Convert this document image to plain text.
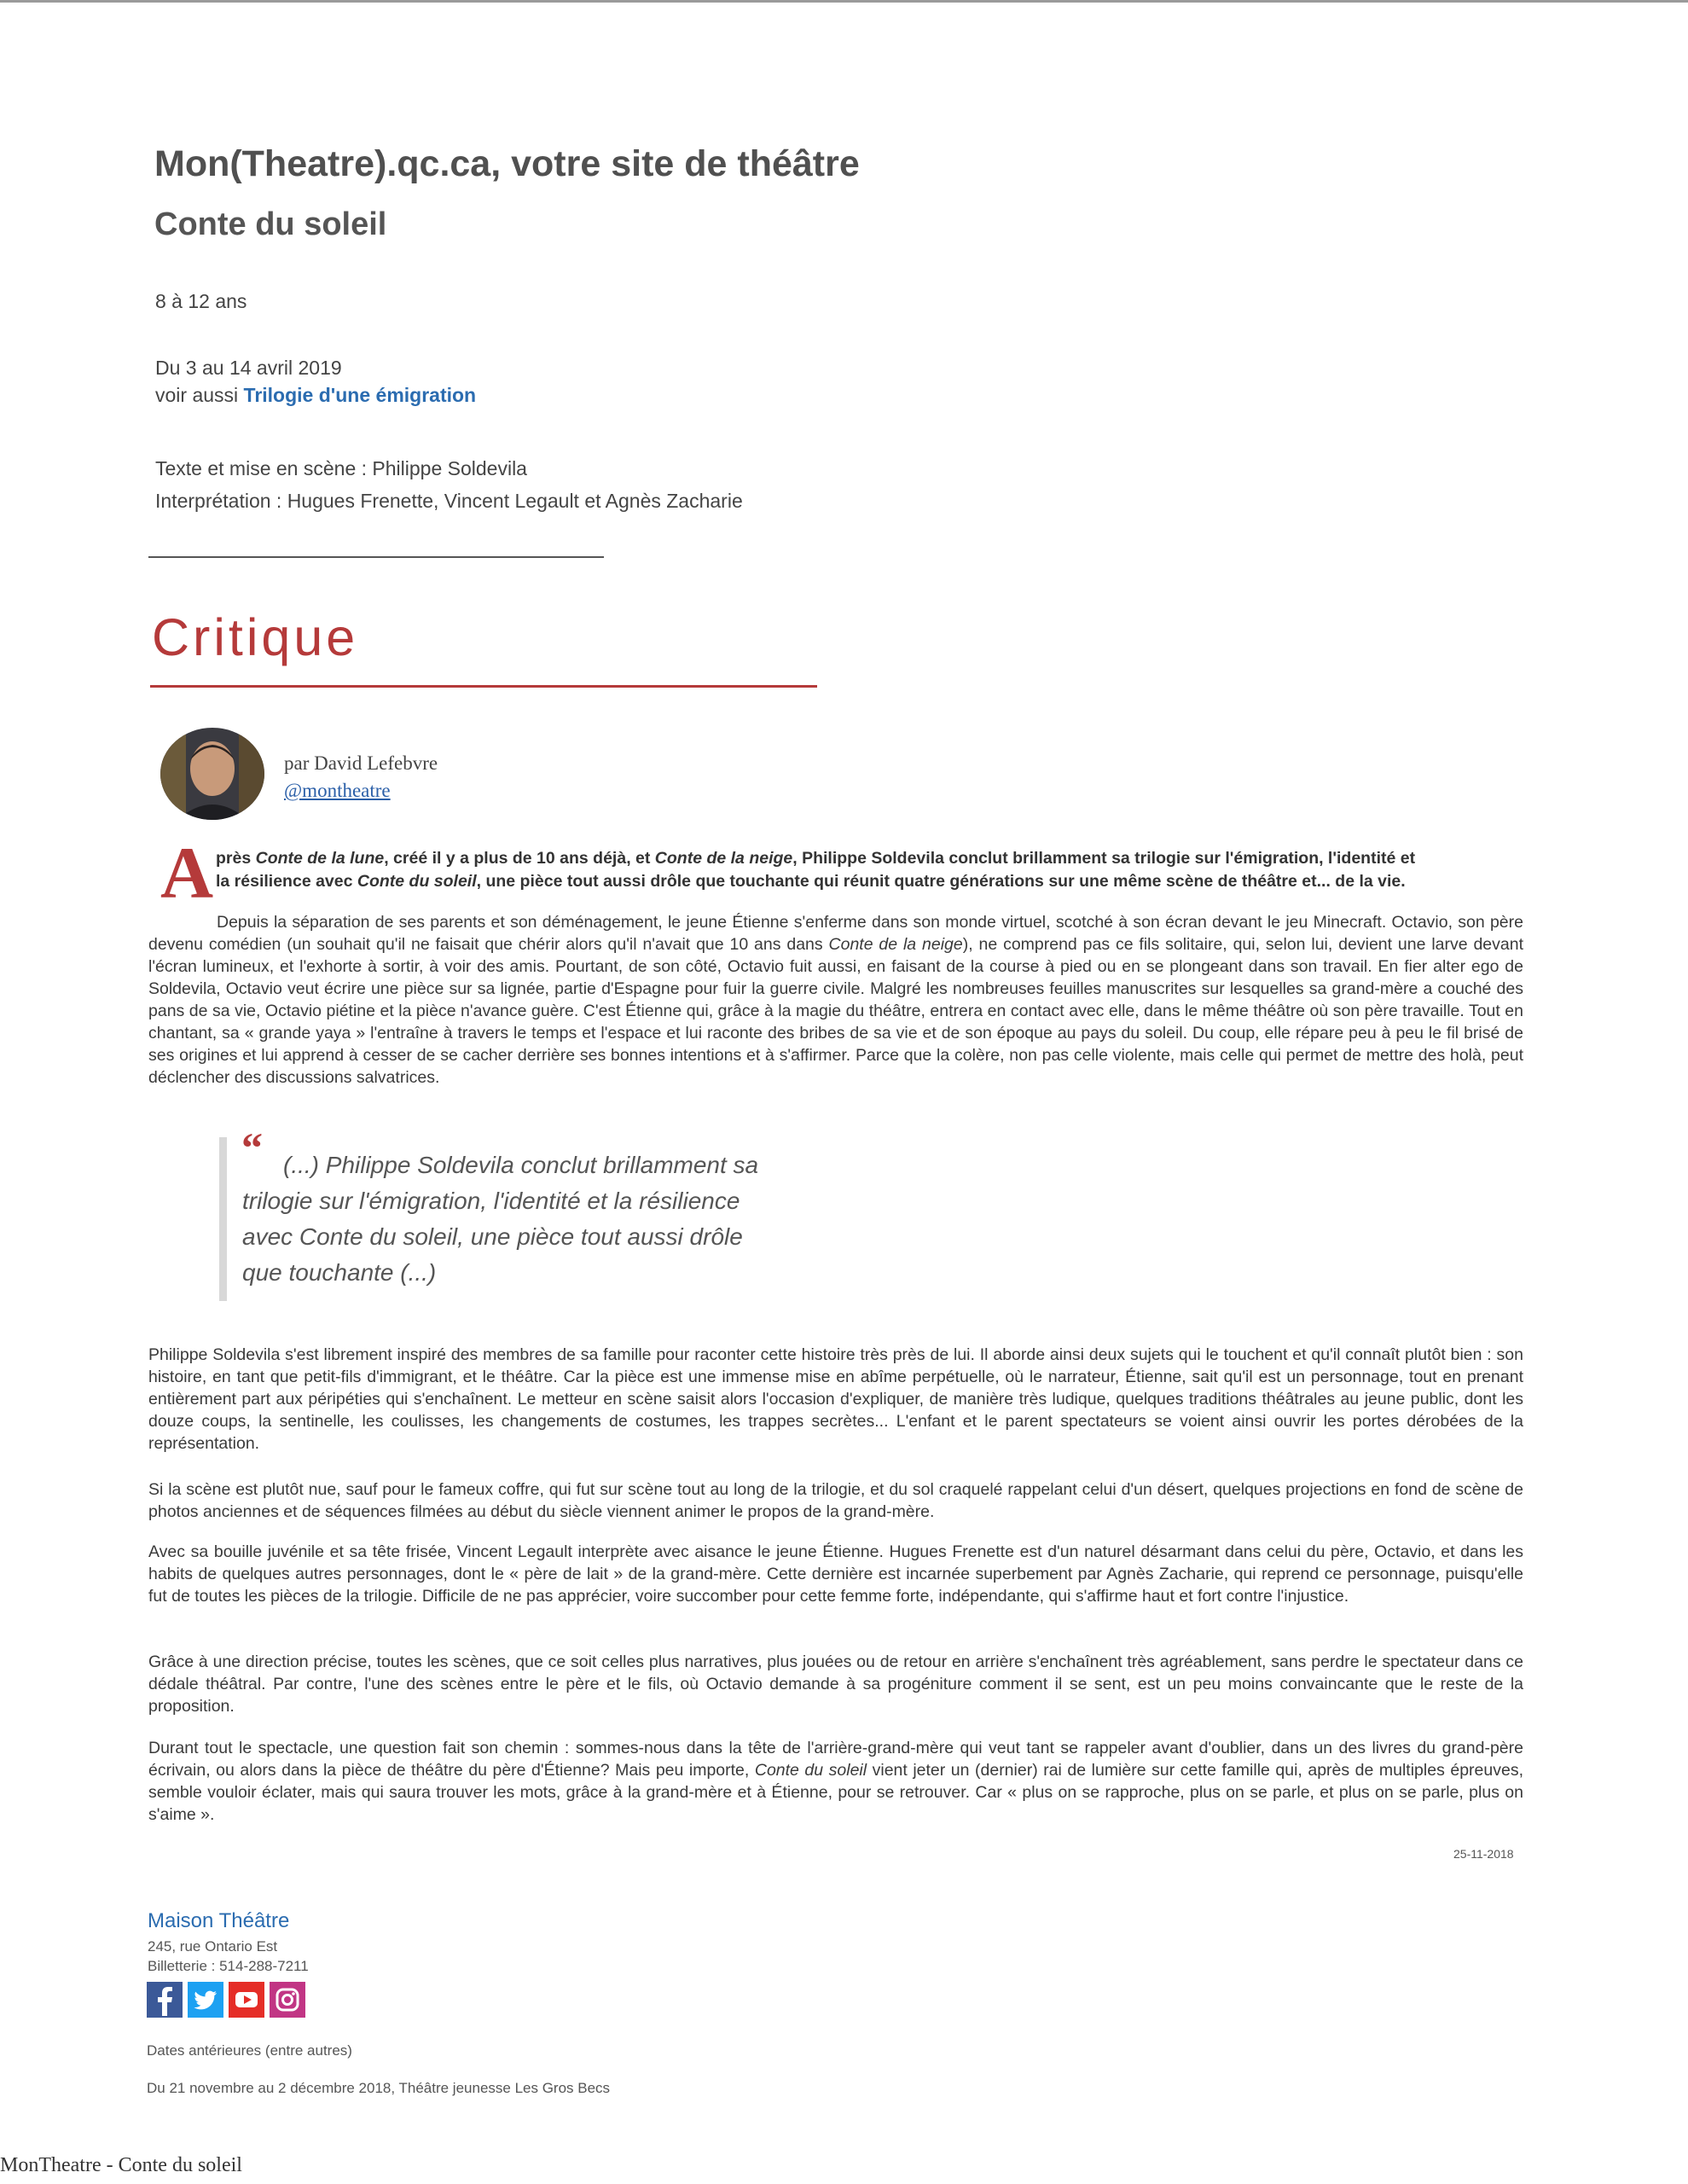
Mon(Theatre).qc.ca, votre site de théâtre
Conte du soleil
8 à 12 ans
Du 3 au 14 avril 2019
voir aussi Trilogie d'une émigration
Texte et mise en scène : Philippe Soldevila
Interprétation : Hugues Frenette, Vincent Legault et Agnès Zacharie
Critique
par David Lefebvre
@montheatre
A près Conte de la lune, créé il y a plus de 10 ans déjà, et Conte de la neige, Philippe Soldevila conclut brillamment sa trilogie sur l'émigration, l'identité et
la résilience avec Conte du soleil, une pièce tout aussi drôle que touchante qui réunit quatre générations sur une même scène de théâtre et... de la vie.
Depuis la séparation de ses parents et son déménagement, le jeune Étienne s'enferme dans son monde virtuel, scotché à son écran devant le jeu Minecraft. Octavio, son père devenu comédien (un souhait qu'il ne faisait que chérir alors qu'il n'avait que 10 ans dans Conte de la neige), ne comprend pas ce fils solitaire, qui, selon lui, devient une larve devant l'écran lumineux, et l'exhorte à sortir, à voir des amis. Pourtant, de son côté, Octavio fuit aussi, en faisant de la course à pied ou en se plongeant dans son travail. En fier alter ego de Soldevila, Octavio veut écrire une pièce sur sa lignée, partie d'Espagne pour fuir la guerre civile. Malgré les nombreuses feuilles manuscrites sur lesquelles sa grand-mère a couché des pans de sa vie, Octavio piétine et la pièce n'avance guère. C'est Étienne qui, grâce à la magie du théâtre, entrera en contact avec elle, dans le même théâtre où son père travaille. Tout en chantant, sa « grande yaya » l'entraîne à travers le temps et l'espace et lui raconte des bribes de sa vie et de son époque au pays du soleil. Du coup, elle répare peu à peu le fil brisé de ses origines et lui apprend à cesser de se cacher derrière ses bonnes intentions et à s'affirmer. Parce que la colère, non pas celle violente, mais celle qui permet de mettre des holà, peut déclencher des discussions salvatrices.
“ (...) Philippe Soldevila conclut brillamment sa trilogie sur l'émigration, l'identité et la résilience avec Conte du soleil, une pièce tout aussi drôle que touchante (...)
Philippe Soldevila s'est librement inspiré des membres de sa famille pour raconter cette histoire très près de lui. Il aborde ainsi deux sujets qui le touchent et qu'il connaît plutôt bien : son histoire, en tant que petit-fils d'immigrant, et le théâtre. Car la pièce est une immense mise en abîme perpétuelle, où le narrateur, Étienne, sait qu'il est un personnage, tout en prenant entièrement part aux péripéties qui s'enchaînent. Le metteur en scène saisit alors l'occasion d'expliquer, de manière très ludique, quelques traditions théâtrales au jeune public, dont les douze coups, la sentinelle, les coulisses, les changements de costumes, les trappes secrètes... L'enfant et le parent spectateurs se voient ainsi ouvrir les portes dérobées de la représentation.
Si la scène est plutôt nue, sauf pour le fameux coffre, qui fut sur scène tout au long de la trilogie, et du sol craquelé rappelant celui d'un désert, quelques projections en fond de scène de photos anciennes et de séquences filmées au début du siècle viennent animer le propos de la grand-mère.
Avec sa bouille juvénile et sa tête frisée, Vincent Legault interprète avec aisance le jeune Étienne. Hugues Frenette est d'un naturel désarmant dans celui du père, Octavio, et dans les habits de quelques autres personnages, dont le « père de lait » de la grand-mère. Cette dernière est incarnée superbement par Agnès Zacharie, qui reprend ce personnage, puisqu'elle fut de toutes les pièces de la trilogie. Difficile de ne pas apprécier, voire succomber pour cette femme forte, indépendante, qui s'affirme haut et fort contre l'injustice.
Grâce à une direction précise, toutes les scènes, que ce soit celles plus narratives, plus jouées ou de retour en arrière s'enchaînent très agréablement, sans perdre le spectateur dans ce dédale théâtral. Par contre, l'une des scènes entre le père et le fils, où Octavio demande à sa progéniture comment il se sent, est un peu moins convaincante que le reste de la proposition.
Durant tout le spectacle, une question fait son chemin : sommes-nous dans la tête de l'arrière-grand-mère qui veut tant se rappeler avant d'oublier, dans un des livres du grand-père écrivain, ou alors dans la pièce de théâtre du père d'Étienne? Mais peu importe, Conte du soleil vient jeter un (dernier) rai de lumière sur cette famille qui, après de multiples épreuves, semble vouloir éclater, mais qui saura trouver les mots, grâce à la grand-mère et à Étienne, pour se retrouver. Car « plus on se rapproche, plus on se parle, et plus on se parle, plus on s'aime ».
25-11-2018
Maison Théâtre
245, rue Ontario Est
Billetterie : 514-288-7211
Dates antérieures (entre autres)
Du 21 novembre au 2 décembre 2018, Théâtre jeunesse Les Gros Becs
MonTheatre - Conte du soleil
